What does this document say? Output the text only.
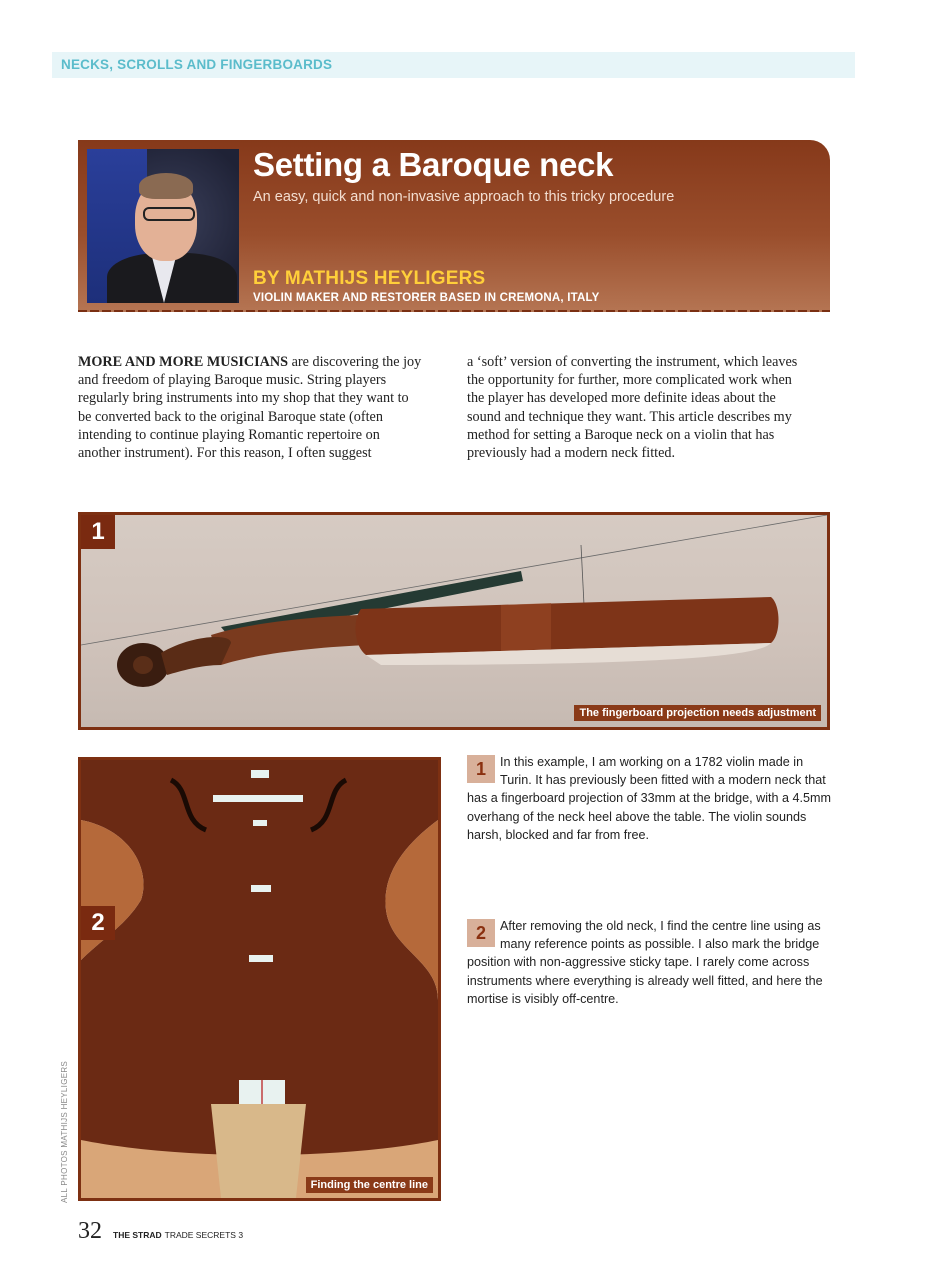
NECKS, SCROLLS AND FINGERBOARDS
Setting a Baroque neck
An easy, quick and non-invasive approach to this tricky procedure
BY MATHIJS HEYLIGERS
VIOLIN MAKER AND RESTORER BASED IN CREMONA, ITALY
MORE AND MORE MUSICIANS are discovering the joy and freedom of playing Baroque music. String players regularly bring instruments into my shop that they want to be converted back to the original Baroque state (often intending to continue playing Romantic repertoire on another instrument). For this reason, I often suggest
a ‘soft’ version of converting the instrument, which leaves the opportunity for further, more complicated work when the player has developed more definite ideas about the sound and technique they want. This article describes my method for setting a Baroque neck on a violin that has previously had a modern neck fitted.
1
The fingerboard projection needs adjustment
2
Finding the centre line
1	In this example, I am working on a 1782 violin made in Turin. It has previously been fitted with a modern neck that has a fingerboard projection of 33mm at the bridge, with a 4.5mm overhang of the neck heel above the table. The violin sounds harsh, blocked and far from free.
2	After removing the old neck, I find the centre line using as many reference points as possible. I also mark the bridge position with non-aggressive sticky tape. I rarely come across instruments where everything is already well fitted, and here the mortise is visibly off-centre.
ALL PHOTOS MATHIJS HEYLIGERS
32 THE STRAD TRADE SECRETS 3
